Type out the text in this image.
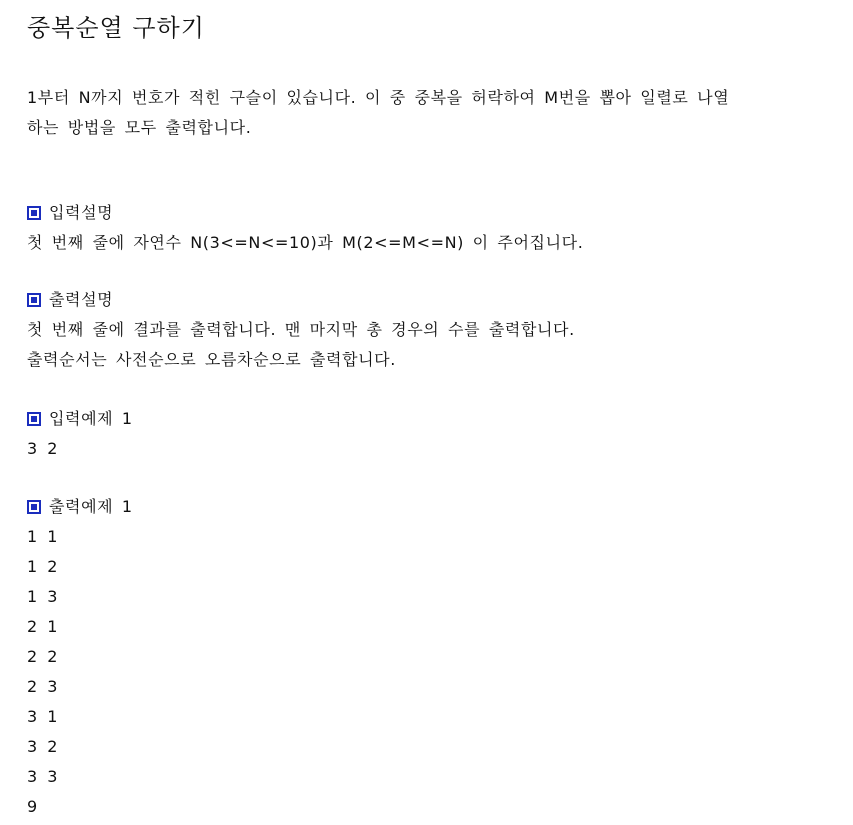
중복순열 구하기

1부터 N까지 번호가 적힌 구슬이 있습니다. 이 중 중복을 허락하여 M번을 뽑아 일렬로 나열

하는 방법을 모두 출력합니다.

입력설명
첫 번째 줄에 자연수 N(3<=N<=10)과 M(2<=M<=N) 이 주어집니다.
출력설명
첫 번째 줄에 결과를 출력합니다. 맨 마지막 총 경우의 수를 출력합니다.
출력순서는 사전순으로 오름차순으로 출력합니다.
입력예제 1
3 2
출력예제 1
1 1
1 2
1 3
2 1
2 2
2 3
3 1
3 2
3 3
9
